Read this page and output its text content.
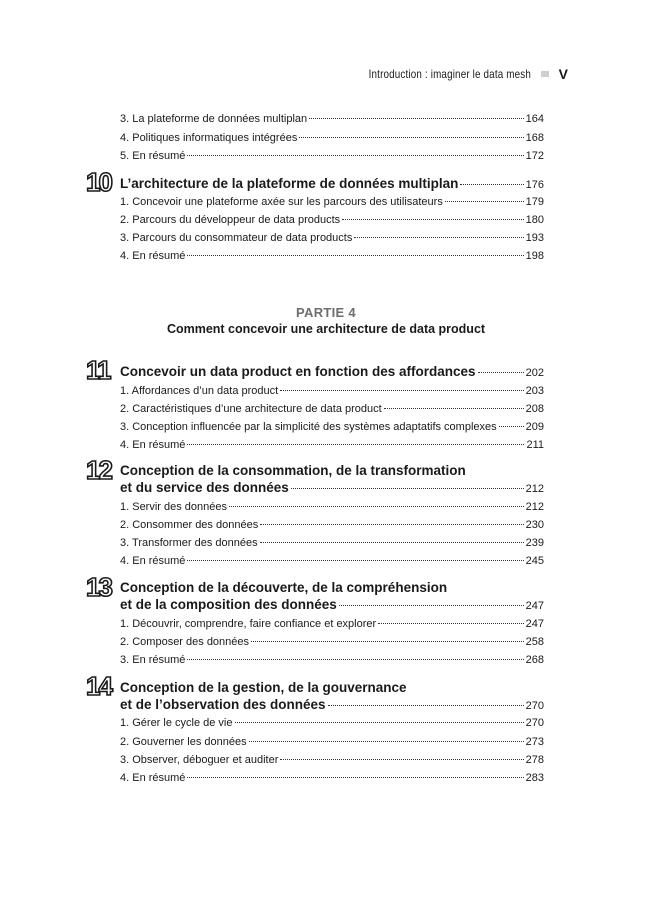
Introduction : imaginer le data mesh V
3. La plateforme de données multiplan	164
4. Politiques informatiques intégrées	168
5. En résumé	172
10 L’architecture de la plateforme de données multiplan	176
1. Concevoir une plateforme axée sur les parcours des utilisateurs	179
2. Parcours du développeur de data products	180
3. Parcours du consommateur de data products	193
4. En résumé	198
PARTIE 4
Comment concevoir une architecture de data product
11 Concevoir un data product en fonction des affordances	202
1. Affordances d’un data product	203
2. Caractéristiques d’une architecture de data product	208
3. Conception influencée par la simplicité des systèmes adaptatifs complexes	209
4. En résumé	211
12 Conception de la consommation, de la transformation
et du service des données	212
1. Servir des données	212
2. Consommer des données	230
3. Transformer des données	239
4. En résumé	245
13 Conception de la découverte, de la compréhension
et de la composition des données	247
1. Découvrir, comprendre, faire confiance et explorer	247
2. Composer des données	258
3. En résumé	268
14 Conception de la gestion, de la gouvernance
et de l’observation des données	270
1. Gérer le cycle de vie	270
2. Gouverner les données	273
3. Observer, déboguer et auditer	278
4. En résumé	283
